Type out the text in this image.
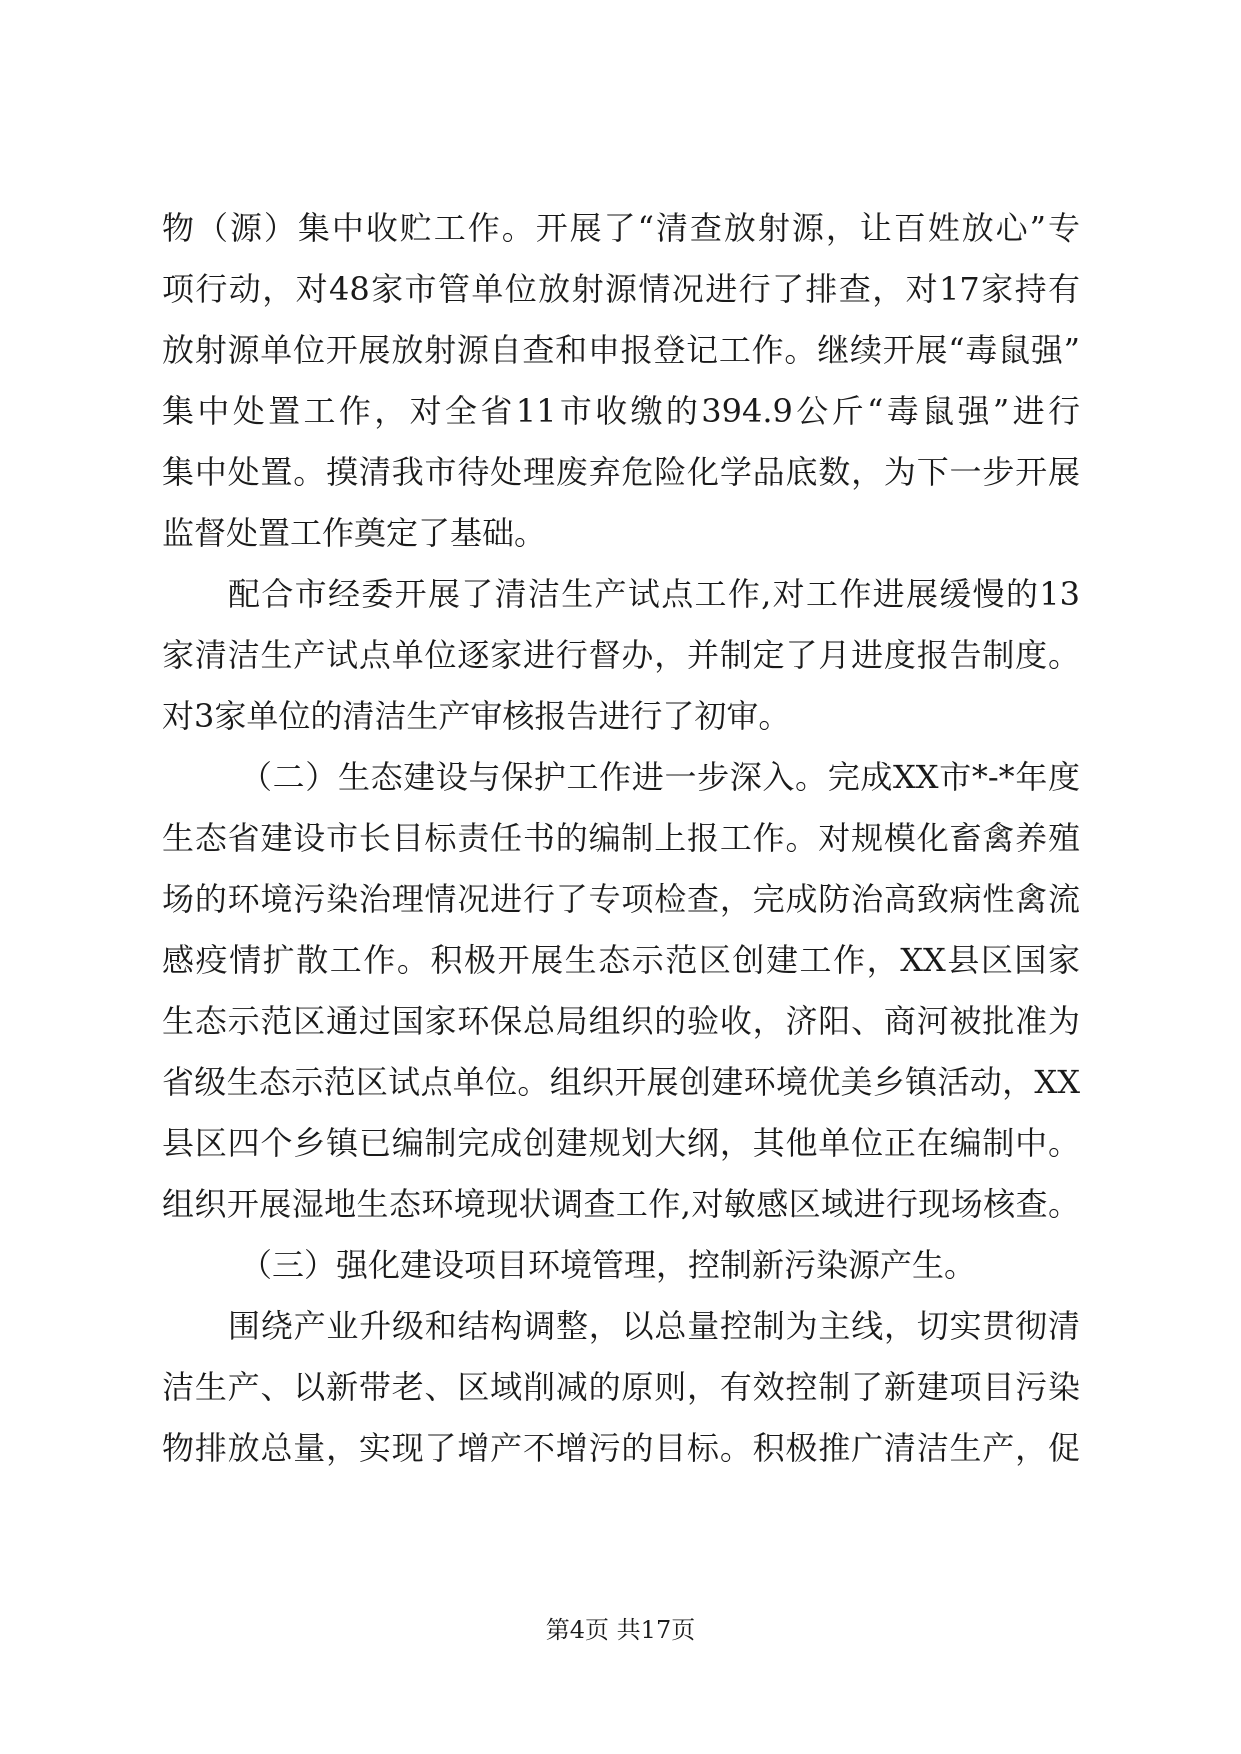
物（源）集中收贮工作。开展了“清查放射源，让百姓放心”专
项行动，对48家市管单位放射源情况进行了排查，对17家持有
放射源单位开展放射源自查和申报登记工作。继续开展“毒鼠强”
集中处置工作，对全省11市收缴的394.9公斤“毒鼠强”进行
集中处置。摸清我市待处理废弃危险化学品底数，为下一步开展
监督处置工作奠定了基础。
配合市经委开展了清洁生产试点工作,对工作进展缓慢的13
家清洁生产试点单位逐家进行督办，并制定了月进度报告制度。
对3家单位的清洁生产审核报告进行了初审。
（二）生态建设与保护工作进一步深入。完成XX市*-*年度
生态省建设市长目标责任书的编制上报工作。对规模化畜禽养殖
场的环境污染治理情况进行了专项检查，完成防治高致病性禽流
感疫情扩散工作。积极开展生态示范区创建工作，XX县区国家
生态示范区通过国家环保总局组织的验收，济阳、商河被批准为
省级生态示范区试点单位。组织开展创建环境优美乡镇活动，XX
县区四个乡镇已编制完成创建规划大纲，其他单位正在编制中。
组织开展湿地生态环境现状调查工作,对敏感区域进行现场核查。
（三）强化建设项目环境管理，控制新污染源产生。
围绕产业升级和结构调整，以总量控制为主线，切实贯彻清
洁生产、以新带老、区域削减的原则，有效控制了新建项目污染
物排放总量，实现了增产不增污的目标。积极推广清洁生产，促
第4页 共17页
